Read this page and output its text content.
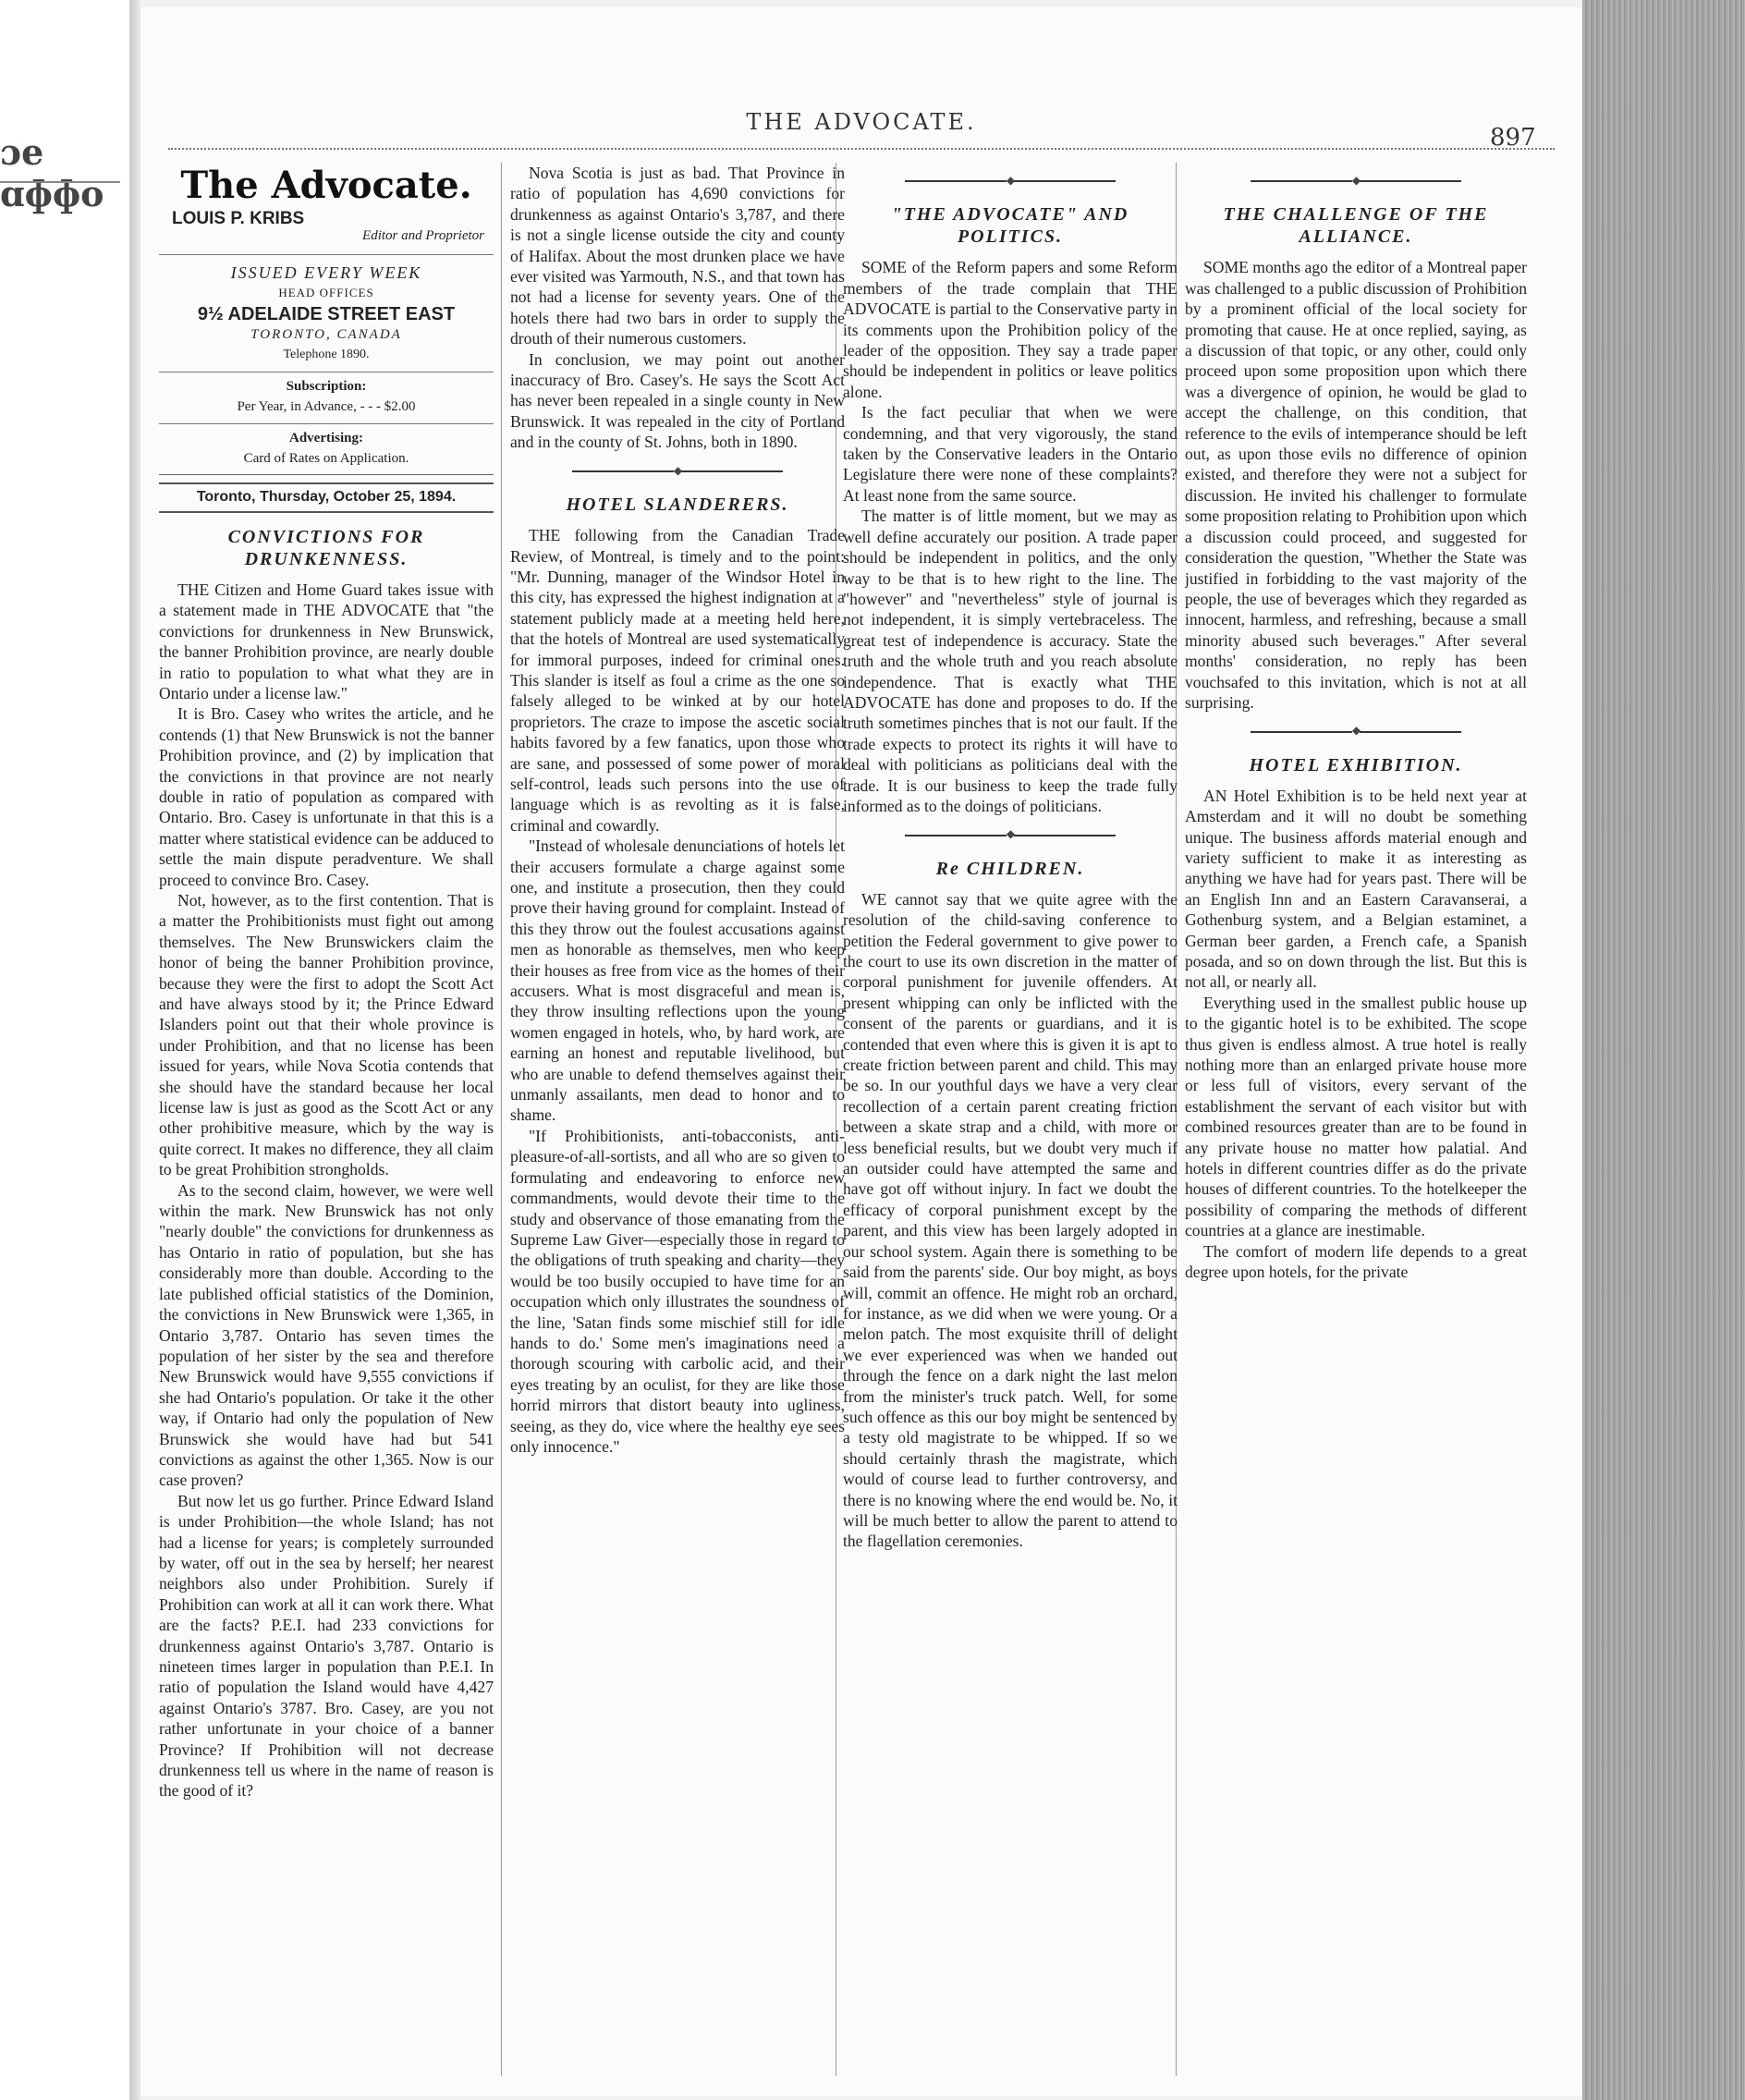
ɔe ɑɸɸo
THE ADVOCATE.
897
The Advocate.
LOUIS P. KRIBS
Editor and Proprietor
ISSUED EVERY WEEK
HEAD OFFICES
9½ ADELAIDE STREET EAST
TORONTO, CANADA
Telephone 1890.
Subscription:
Per Year, in Advance, - - - $2.00
Advertising:
Card of Rates on Application.
Toronto, Thursday, October 25, 1894.
CONVICTIONS FOR DRUNKENNESS.

THE Citizen and Home Guard takes issue with a statement made in THE ADVOCATE that "the convictions for drunkenness in New Brunswick, the banner Prohibition province, are nearly double in ratio to population to what what they are in Ontario under a license law."

It is Bro. Casey who writes the article, and he contends (1) that New Brunswick is not the banner Prohibition province, and (2) by implication that the convictions in that province are not nearly double in ratio of population as compared with Ontario. Bro. Casey is unfortunate in that this is a matter where statistical evidence can be adduced to settle the main dispute peradventure. We shall proceed to convince Bro. Casey.

Not, however, as to the first contention. That is a matter the Prohibitionists must fight out among themselves. The New Brunswickers claim the honor of being the banner Prohibition province, because they were the first to adopt the Scott Act and have always stood by it; the Prince Edward Islanders point out that their whole province is under Prohibition, and that no license has been issued for years, while Nova Scotia contends that she should have the standard because her local license law is just as good as the Scott Act or any other prohibitive measure, which by the way is quite correct. It makes no difference, they all claim to be great Prohibition strongholds.

As to the second claim, however, we were well within the mark. New Brunswick has not only "nearly double" the convictions for drunkenness as has Ontario in ratio of population, but she has considerably more than double. According to the late published official statistics of the Dominion, the convictions in New Brunswick were 1,365, in Ontario 3,787. Ontario has seven times the population of her sister by the sea and therefore New Brunswick would have 9,555 convictions if she had Ontario's population. Or take it the other way, if Ontario had only the population of New Brunswick she would have had but 541 convictions as against the other 1,365. Now is our case proven?

But now let us go further. Prince Edward Island is under Prohibition—the whole Island; has not had a license for years; is completely surrounded by water, off out in the sea by herself; her nearest neighbors also under Prohibition. Surely if Prohibition can work at all it can work there. What are the facts? P.E.I. had 233 convictions for drunkenness against Ontario's 3,787. Ontario is nineteen times larger in population than P.E.I. In ratio of population the Island would have 4,427 against Ontario's 3787. Bro. Casey, are you not rather unfortunate in your choice of a banner Province? If Prohibition will not decrease drunkenness tell us where in the name of reason is the good of it?

Nova Scotia is just as bad. That Province in ratio of population has 4,690 convictions for drunkenness as against Ontario's 3,787, and there is not a single license outside the city and county of Halifax. About the most drunken place we have ever visited was Yarmouth, N.S., and that town has not had a license for seventy years. One of the hotels there had two bars in order to supply the drouth of their numerous customers.

In conclusion, we may point out another inaccuracy of Bro. Casey's. He says the Scott Act has never been repealed in a single county in New Brunswick. It was repealed in the city of Portland and in the county of St. Johns, both in 1890.

◆
HOTEL SLANDERERS.

THE following from the Canadian Trade Review, of Montreal, is timely and to the point: "Mr. Dunning, manager of the Windsor Hotel in this city, has expressed the highest indignation at a statement publicly made at a meeting held here, that the hotels of Montreal are used systematically for immoral purposes, indeed for criminal ones. This slander is itself as foul a crime as the one so falsely alleged to be winked at by our hotel proprietors. The craze to impose the ascetic social habits favored by a few fanatics, upon those who are sane, and possessed of some power of moral self-control, leads such persons into the use of language which is as revolting as it is false, criminal and cowardly.

"Instead of wholesale denunciations of hotels let their accusers formulate a charge against some one, and institute a prosecution, then they could prove their having ground for complaint. Instead of this they throw out the foulest accusations against men as honorable as themselves, men who keep their houses as free from vice as the homes of their accusers. What is most disgraceful and mean is, they throw insulting reflections upon the young women engaged in hotels, who, by hard work, are earning an honest and reputable livelihood, but who are unable to defend themselves against their unmanly assailants, men dead to honor and to shame.

"If Prohibitionists, anti-tobacconists, anti-pleasure-of-all-sortists, and all who are so given to formulating and endeavoring to enforce new commandments, would devote their time to the study and observance of those emanating from the Supreme Law Giver—especially those in regard to the obligations of truth speaking and charity—they would be too busily occupied to have time for an occupation which only illustrates the soundness of the line, 'Satan finds some mischief still for idle hands to do.' Some men's imaginations need a thorough scouring with carbolic acid, and their eyes treating by an oculist, for they are like those horrid mirrors that distort beauty into ugliness, seeing, as they do, vice where the healthy eye sees only innocence."

◆
"THE ADVOCATE" AND POLITICS.

SOME of the Reform papers and some Reform members of the trade complain that THE ADVOCATE is partial to the Conservative party in its comments upon the Prohibition policy of the leader of the opposition. They say a trade paper should be independent in politics or leave politics alone.

Is the fact peculiar that when we were condemning, and that very vigorously, the stand taken by the Conservative leaders in the Ontario Legislature there were none of these complaints? At least none from the same source.

The matter is of little moment, but we may as well define accurately our position. A trade paper should be independent in politics, and the only way to be that is to hew right to the line. The "however" and "nevertheless" style of journal is not independent, it is simply vertebraceless. The great test of independence is accuracy. State the truth and the whole truth and you reach absolute independence. That is exactly what THE ADVOCATE has done and proposes to do. If the truth sometimes pinches that is not our fault. If the trade expects to protect its rights it will have to deal with politicians as politicians deal with the trade. It is our business to keep the trade fully informed as to the doings of politicians.

◆
Re CHILDREN.

WE cannot say that we quite agree with the resolution of the child-saving conference to petition the Federal government to give power to the court to use its own discretion in the matter of corporal punishment for juvenile offenders. At present whipping can only be inflicted with the consent of the parents or guardians, and it is contended that even where this is given it is apt to create friction between parent and child. This may be so. In our youthful days we have a very clear recollection of a certain parent creating friction between a skate strap and a child, with more or less beneficial results, but we doubt very much if an outsider could have attempted the same and have got off without injury. In fact we doubt the efficacy of corporal punishment except by the parent, and this view has been largely adopted in our school system. Again there is something to be said from the parents' side. Our boy might, as boys will, commit an offence. He might rob an orchard, for instance, as we did when we were young. Or a melon patch. The most exquisite thrill of delight we ever experienced was when we handed out through the fence on a dark night the last melon from the minister's truck patch. Well, for some such offence as this our boy might be sentenced by a testy old magistrate to be whipped. If so we should certainly thrash the magistrate, which would of course lead to further controversy, and there is no knowing where the end would be. No, it will be much better to allow the parent to attend to the flagellation ceremonies.

◆
THE CHALLENGE OF THE ALLIANCE.

SOME months ago the editor of a Montreal paper was challenged to a public discussion of Prohibition by a prominent official of the local society for promoting that cause. He at once replied, saying, as a discussion of that topic, or any other, could only proceed upon some proposition upon which there was a divergence of opinion, he would be glad to accept the challenge, on this condition, that reference to the evils of intemperance should be left out, as upon those evils no difference of opinion existed, and therefore they were not a subject for discussion. He invited his challenger to formulate some proposition relating to Prohibition upon which a discussion could proceed, and suggested for consideration the question, "Whether the State was justified in forbidding to the vast majority of the people, the use of beverages which they regarded as innocent, harmless, and refreshing, because a small minority abused such beverages." After several months' consideration, no reply has been vouchsafed to this invitation, which is not at all surprising.

◆
HOTEL EXHIBITION.

AN Hotel Exhibition is to be held next year at Amsterdam and it will no doubt be something unique. The business affords material enough and variety sufficient to make it as interesting as anything we have had for years past. There will be an English Inn and an Eastern Caravanserai, a Gothenburg system, and a Belgian estaminet, a German beer garden, a French cafe, a Spanish posada, and so on down through the list. But this is not all, or nearly all.

Everything used in the smallest public house up to the gigantic hotel is to be exhibited. The scope thus given is endless almost. A true hotel is really nothing more than an enlarged private house more or less full of visitors, every servant of the establishment the servant of each visitor but with combined resources greater than are to be found in any private house no matter how palatial. And hotels in different countries differ as do the private houses of different countries. To the hotelkeeper the possibility of comparing the methods of different countries at a glance are inestimable.

The comfort of modern life depends to a great degree upon hotels, for the private
